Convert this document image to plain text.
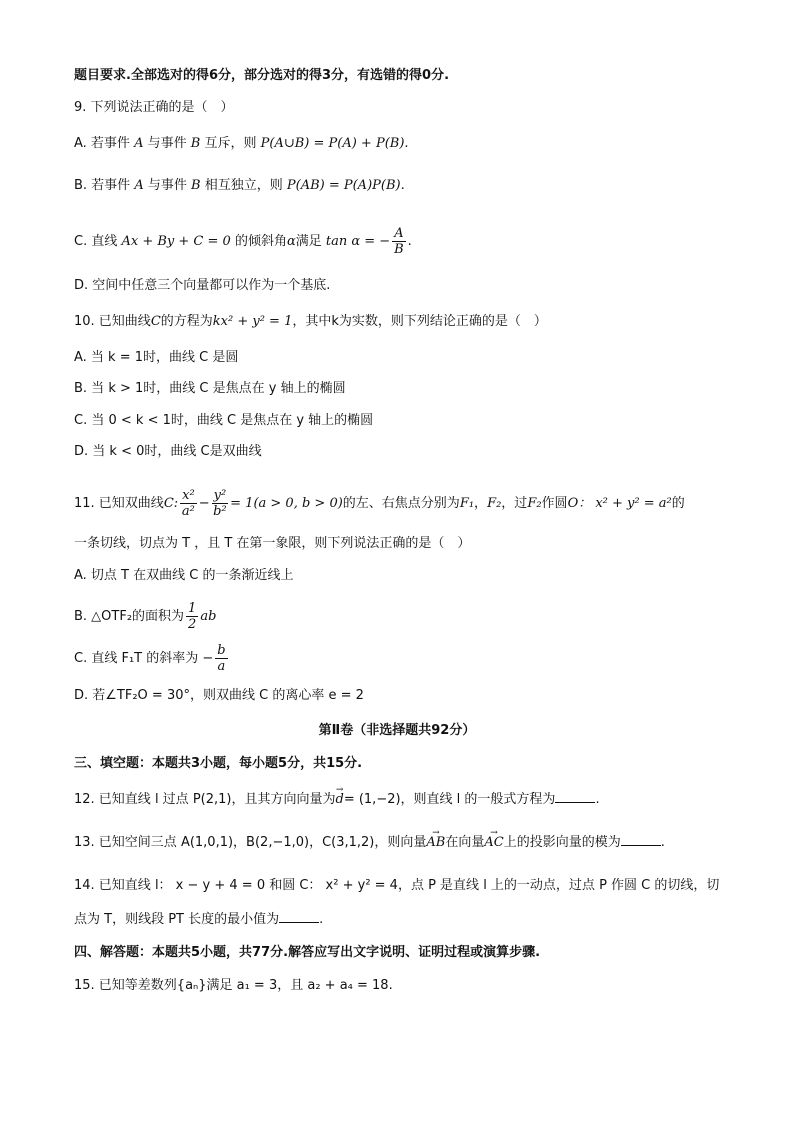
题目要求.全部选对的得6分，部分选对的得3分，有选错的得0分.
9. 下列说法正确的是（　）
A. 若事件 A 与事件 B 互斥，则 P(A∪B) = P(A) + P(B).
B. 若事件 A 与事件 B 相互独立，则 P(AB) = P(A)P(B).
C. 直线 Ax + By + C = 0 的倾斜角α满足 tan α = − $\frac{A}{B}$ .
D. 空间中任意三个向量都可以作为一个基底.
10. 已知曲线C的方程为kx² + y² = 1，其中k为实数，则下列结论正确的是（　）
A. 当 k = 1时，曲线 C 是圆
B. 当 k > 1时，曲线 C 是焦点在 y 轴上的椭圆
C. 当 0 < k < 1时，曲线 C 是焦点在 y 轴上的椭圆
D. 当 k < 0时，曲线 C是双曲线
11. 已知双曲线C: $\frac{\text{x²}}{\text{a²}} - \frac{\text{y²}}{\text{b²}} = 1(a > 0$, b > 0)的左、右焦点分别为F₁，F₂，过F₂作圆O： x² + y² = a²的
一条切线，切点为 T ，且 T 在第一象限，则下列说法正确的是（　）
A. 切点 T 在双曲线 C 的一条渐近线上
B. △OTF₂的面积为 $\frac{1}{2}$ ab
C. 直线 F₁T 的斜率为 − $\frac{b}{a}$
D. 若∠TF₂O = 30°，则双曲线 C 的离心率 e = 2
第Ⅱ卷（非选择题共92分）
三、填空题：本题共3小题，每小题5分，共15分.
12. 已知直线 l 过点 P(2,1)，且其方向向量为→ d= (1,−2)，则直线 l 的一般式方程为	.
13. 已知空间三点 A(1,0,1)，B(2,−1,0)，C(3,1,2)，则向量→ AB在向量→ AC上的投影向量的模为	.
14. 已知直线 l： x − y + 4 = 0 和圆 C： x² + y² = 4，点 P 是直线 l 上的一动点，过点 P 作圆 C 的切线，切
点为 T，则线段 PT 长度的最小值为	.
四、解答题：本题共5小题，共77分.解答应写出文字说明、证明过程或演算步骤.
15. 已知等差数列{aₙ}满足 a₁ = 3，且 a₂ + a₄ = 18.
